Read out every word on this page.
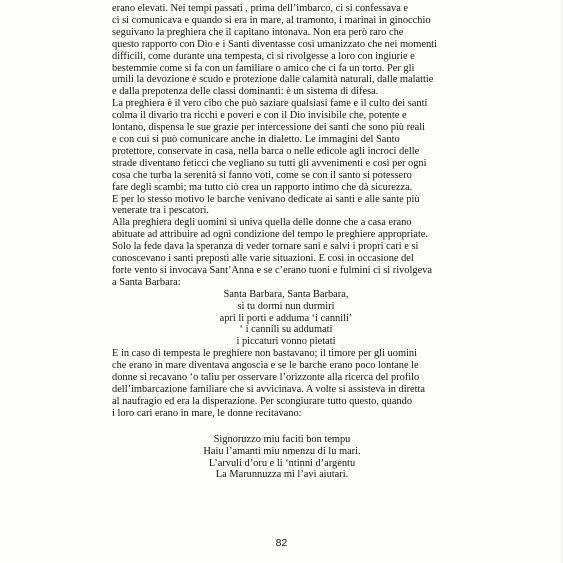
erano elevati. Nei tempi passati , prima dell’imbarco, ci si confessava e
ci si comunicava e quando si era in mare, al tramonto, i marinai in ginocchio
seguivano la preghiera che il capitano intonava. Non era però raro che
questo rapporto con Dio e i Santi diventasse così umanizzato che nei momenti
difficili, come durante una tempesta, ci si rivolgesse a loro con ingiurie e
bestemmie come si fa con un familiare o amico che ci fa un torto. Per gli
umili la devozione è scudo e protezione dalle calamità naturali, dalle malattie
e dalla prepotenza delle classi dominanti: è un sistema di difesa.
La preghiera è il vero cibo che può saziare qualsiasi fame e il culto dei santi
colma il divario tra ricchi e poveri e con il Dio invisibile che, potente e
lontano, dispensa le sue grazie per intercessione dei santi che sono più reali
e con cui si può comunicare anche in dialetto. Le immagini del Santo
protettore, conservate in casa, nella barca o nelle edicole agli incroci delle
strade diventano feticci che vegliano su tutti gli avvenimenti e così per ogni
cosa che turba la serenità si fanno voti, come se con il santo si potessero
fare degli scambi; ma tutto ciò crea un rapporto intimo che dà sicurezza.
E per lo stesso motivo le barche venivano dedicate ai santi e alle sante più
venerate tra i pescatori.
Alla preghiera degli uomini si univa quella delle donne che a casa erano
abituate ad attribuire ad ogni condizione del tempo le preghiere appropriate.
Solo la fede dava la speranza di veder tornare sani e salvi i propri cari e si
conoscevano i santi preposti alle varie situazioni. E così in occasione del
forte vento si invocava Sant’Anna e se c’erano tuoni e fulmini ci si rivolgeva
a Santa Barbara:
Santa Barbara, Santa Barbara,
si tu dormi nun durmiri
apri li porti e adduma ‘i cannili’
‘ i cannili su addumati
i piccaturi vonno pietati
E in caso di tempesta le preghiere non bastavano; il timore per gli uomini
che erano in mare diventava angoscia e se le barche erano poco lontane le
donne si recavano ‘o taliu per osservare l’orizzonte alla ricerca del profilo
dell’imbarcazione familiare che si avvicinava. A volte si assisteva in diretta
al naufragio ed era la disperazione. Per scongiurare tutto questo, quando
i loro cari erano in mare, le donne recitavano:
Signoruzzo miu faciti bon tempu
Haiu l’amanti miu nmenzu di lu mari.
L’arvuli d’oru e li ‘ntinni d’argentu
La Marunnuzza mi l’avi aiutari.
82
